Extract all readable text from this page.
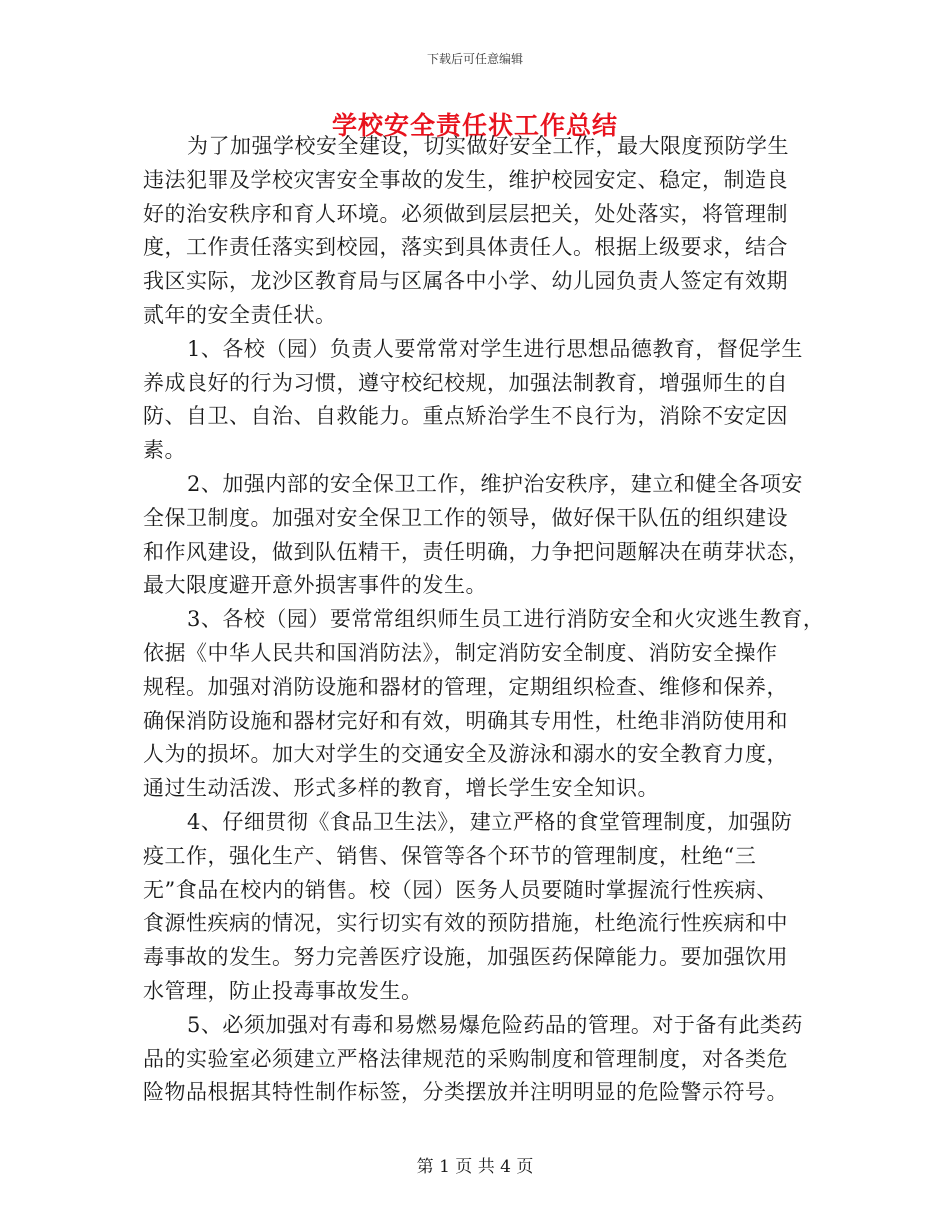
下载后可任意编辑
学校安全责任状工作总结
为了加强学校安全建设，切实做好安全工作，最大限度预防学生
违法犯罪及学校灾害安全事故的发生，维护校园安定、稳定，制造良
好的治安秩序和育人环境。必须做到层层把关，处处落实，将管理制
度，工作责任落实到校园，落实到具体责任人。根据上级要求，结合
我区实际，龙沙区教育局与区属各中小学、幼儿园负责人签定有效期
贰年的安全责任状。
1、各校（园）负责人要常常对学生进行思想品德教育，督促学生
养成良好的行为习惯，遵守校纪校规，加强法制教育，增强师生的自
防、自卫、自治、自救能力。重点矫治学生不良行为，消除不安定因
素。
2、加强内部的安全保卫工作，维护治安秩序，建立和健全各项安
全保卫制度。加强对安全保卫工作的领导，做好保干队伍的组织建设
和作风建设，做到队伍精干，责任明确，力争把问题解决在萌芽状态，
最大限度避开意外损害事件的发生。
3、各校（园）要常常组织师生员工进行消防安全和火灾逃生教育，
依据《中华人民共和国消防法》，制定消防安全制度、消防安全操作
规程。加强对消防设施和器材的管理，定期组织检查、维修和保养，
确保消防设施和器材完好和有效，明确其专用性，杜绝非消防使用和
人为的损坏。加大对学生的交通安全及游泳和溺水的安全教育力度，
通过生动活泼、形式多样的教育，增长学生安全知识。
4、仔细贯彻《食品卫生法》，建立严格的食堂管理制度，加强防
疫工作，强化生产、销售、保管等各个环节的管理制度，杜绝“三
无”食品在校内的销售。校（园）医务人员要随时掌握流行性疾病、
食源性疾病的情况，实行切实有效的预防措施，杜绝流行性疾病和中
毒事故的发生。努力完善医疗设施，加强医药保障能力。要加强饮用
水管理，防止投毒事故发生。
5、必须加强对有毒和易燃易爆危险药品的管理。对于备有此类药
品的实验室必须建立严格法律规范的采购制度和管理制度，对各类危
险物品根据其特性制作标签，分类摆放并注明明显的危险警示符号。
第 1 页 共 4 页
